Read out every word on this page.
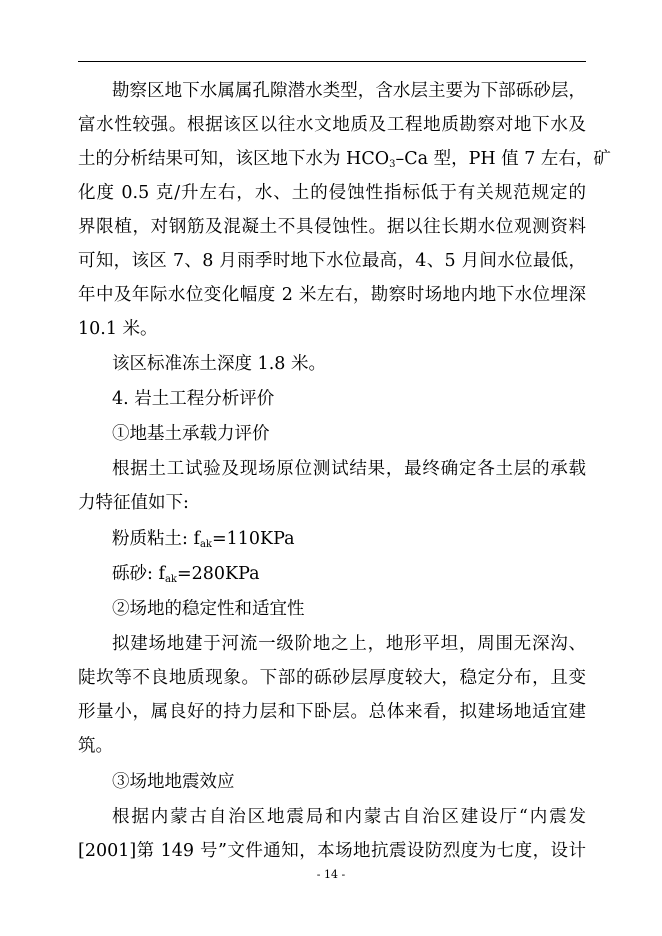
勘察区地下水属属孔隙潜水类型，含水层主要为下部砾砂层，
富水性较强。根据该区以往水文地质及工程地质勘察对地下水及
土的分析结果可知，该区地下水为 $HCO_3-Ca$ 型，PH 值 7 左右，矿
化度 0.5 克/升左右，水、土的侵蚀性指标低于有关规范规定的
界限植，对钢筋及混凝土不具侵蚀性。据以往长期水位观测资料
可知，该区 7、8 月雨季时地下水位最高，4、5 月间水位最低，
年中及年际水位变化幅度 2 米左右，勘察时场地内地下水位埋深
10.1 米。
该区标准冻土深度 1.8 米。
4. 岩土工程分析评价
①地基土承载力评价
根据土工试验及现场原位测试结果，最终确定各土层的承载
力特征值如下:
粉质粘土: $f_{ak}=110KPa$
砾砂: $f_{ak}=280KPa$
②场地的稳定性和适宜性
拟建场地建于河流一级阶地之上，地形平坦，周围无深沟、
陡坎等不良地质现象。下部的砾砂层厚度较大，稳定分布，且变
形量小，属良好的持力层和下卧层。总体来看，拟建场地适宜建
筑。
③场地地震效应
根据内蒙古自治区地震局和内蒙古自治区建设厅“内震发
[2001]第 149 号”文件通知，本场地抗震设防烈度为七度，设计
- 14 -
